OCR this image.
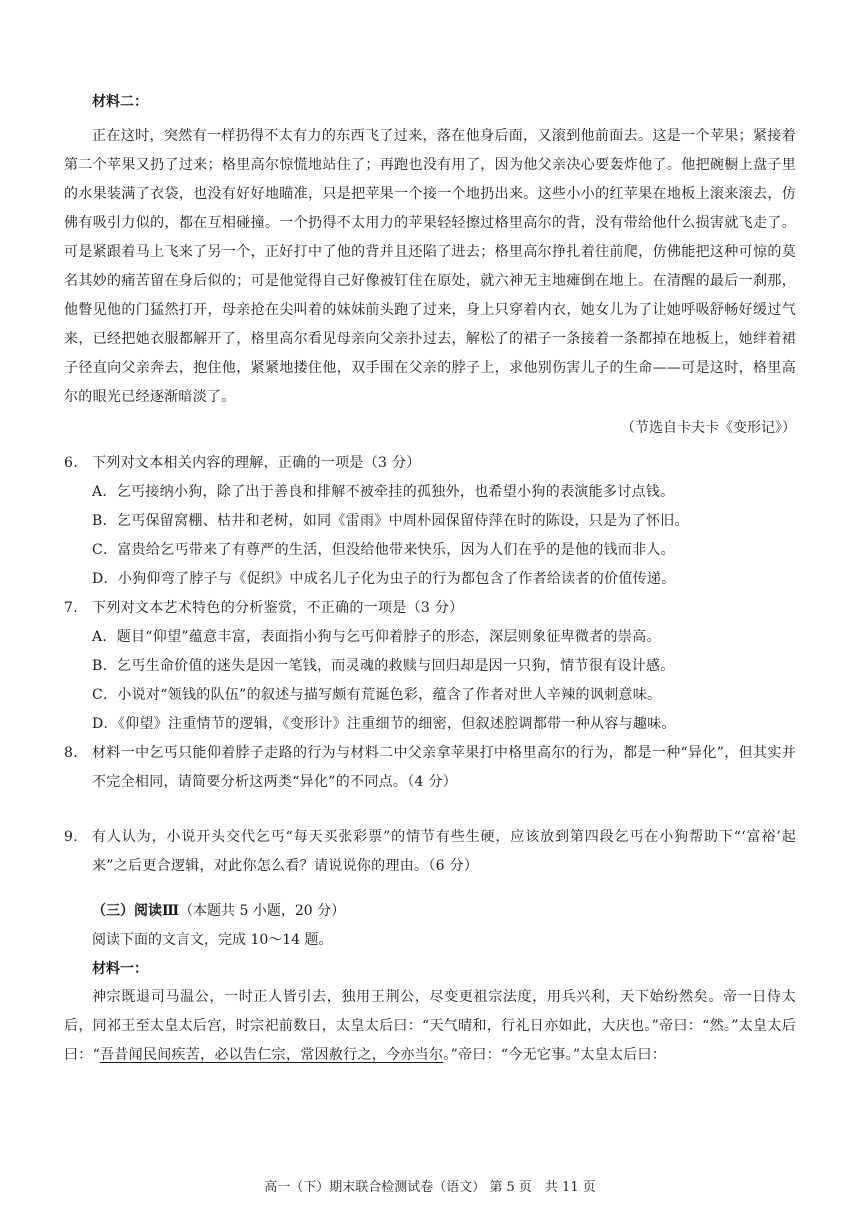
材料二：

正在这时，突然有一样扔得不太有力的东西飞了过来，落在他身后面，又滚到他前面去。这是一个苹果；紧接着第二个苹果又扔了过来；格里高尔惊慌地站住了；再跑也没有用了，因为他父亲决心要轰炸他了。他把碗橱上盘子里的水果装满了衣袋，也没有好好地瞄准，只是把苹果一个接一个地扔出来。这些小小的红苹果在地板上滚来滚去，仿佛有吸引力似的，都在互相碰撞。一个扔得不太用力的苹果轻轻擦过格里高尔的背，没有带给他什么损害就飞走了。可是紧跟着马上飞来了另一个，正好打中了他的背并且还陷了进去；格里高尔挣扎着往前爬，仿佛能把这种可惊的莫名其妙的痛苦留在身后似的；可是他觉得自己好像被钉住在原处，就六神无主地瘫倒在地上。在清醒的最后一刹那，他瞥见他的门猛然打开，母亲抢在尖叫着的妹妹前头跑了过来，身上只穿着内衣，她女儿为了让她呼吸舒畅好缓过气来，已经把她衣服都解开了，格里高尔看见母亲向父亲扑过去，解松了的裙子一条接着一条都掉在地板上，她绊着裙子径直向父亲奔去，抱住他，紧紧地搂住他，双手围在父亲的脖子上，求他别伤害儿子的生命——可是这时，格里高尔的眼光已经逐渐暗淡了。

（节选自卡夫卡《变形记》）

6.	下列对文本相关内容的理解，正确的一项是（3 分）

A．乞丐接纳小狗，除了出于善良和排解不被牵挂的孤独外，也希望小狗的表演能多讨点钱。

B．乞丐保留窝棚、枯井和老树，如同《雷雨》中周朴园保留侍萍在时的陈设，只是为了怀旧。

C．富贵给乞丐带来了有尊严的生活，但没给他带来快乐，因为人们在乎的是他的钱而非人。

D．小狗仰弯了脖子与《促织》中成名儿子化为虫子的行为都包含了作者给读者的价值传递。

7.	下列对文本艺术特色的分析鉴赏，不正确的一项是（3 分）

A．题目“仰望”蕴意丰富，表面指小狗与乞丐仰着脖子的形态，深层则象征卑微者的崇高。

B．乞丐生命价值的迷失是因一笔钱，而灵魂的救赎与回归却是因一只狗，情节很有设计感。

C．小说对“领钱的队伍”的叙述与描写颇有荒诞色彩，蕴含了作者对世人辛辣的讽刺意味。

D．《仰望》注重情节的逻辑，《变形计》注重细节的细密，但叙述腔调都带一种从容与趣味。

8.	材料一中乞丐只能仰着脖子走路的行为与材料二中父亲拿苹果打中格里高尔的行为，都是一种“异化”，但其实并不完全相同，请简要分析这两类“异化”的不同点。（4 分）
9.	有人认为，小说开头交代乞丐“每天买张彩票”的情节有些生硬，应该放到第四段乞丐在小狗帮助下“‘富裕’起来”之后更合逻辑，对此你怎么看？请说说你的理由。（6 分）

（三）阅读Ⅲ（本题共 5 小题，20 分）

阅读下面的文言文，完成 10～14 题。

材料一：

神宗既退司马温公，一时正人皆引去，独用王荆公，尽变更祖宗法度，用兵兴利，天下始纷然矣。帝一日侍太后，同祁王至太皇太后宫，时宗祀前数日，太皇太后曰：“天气晴和，行礼日亦如此，大庆也。”帝曰：“然。”太皇太后曰：“吾昔闻民间疾苦，必以告仁宗，常因赦行之，今亦当尔。”帝曰：“今无它事。”太皇太后曰：

高一（下）期末联合检测试卷（语文） 第 5 页　共 11 页
